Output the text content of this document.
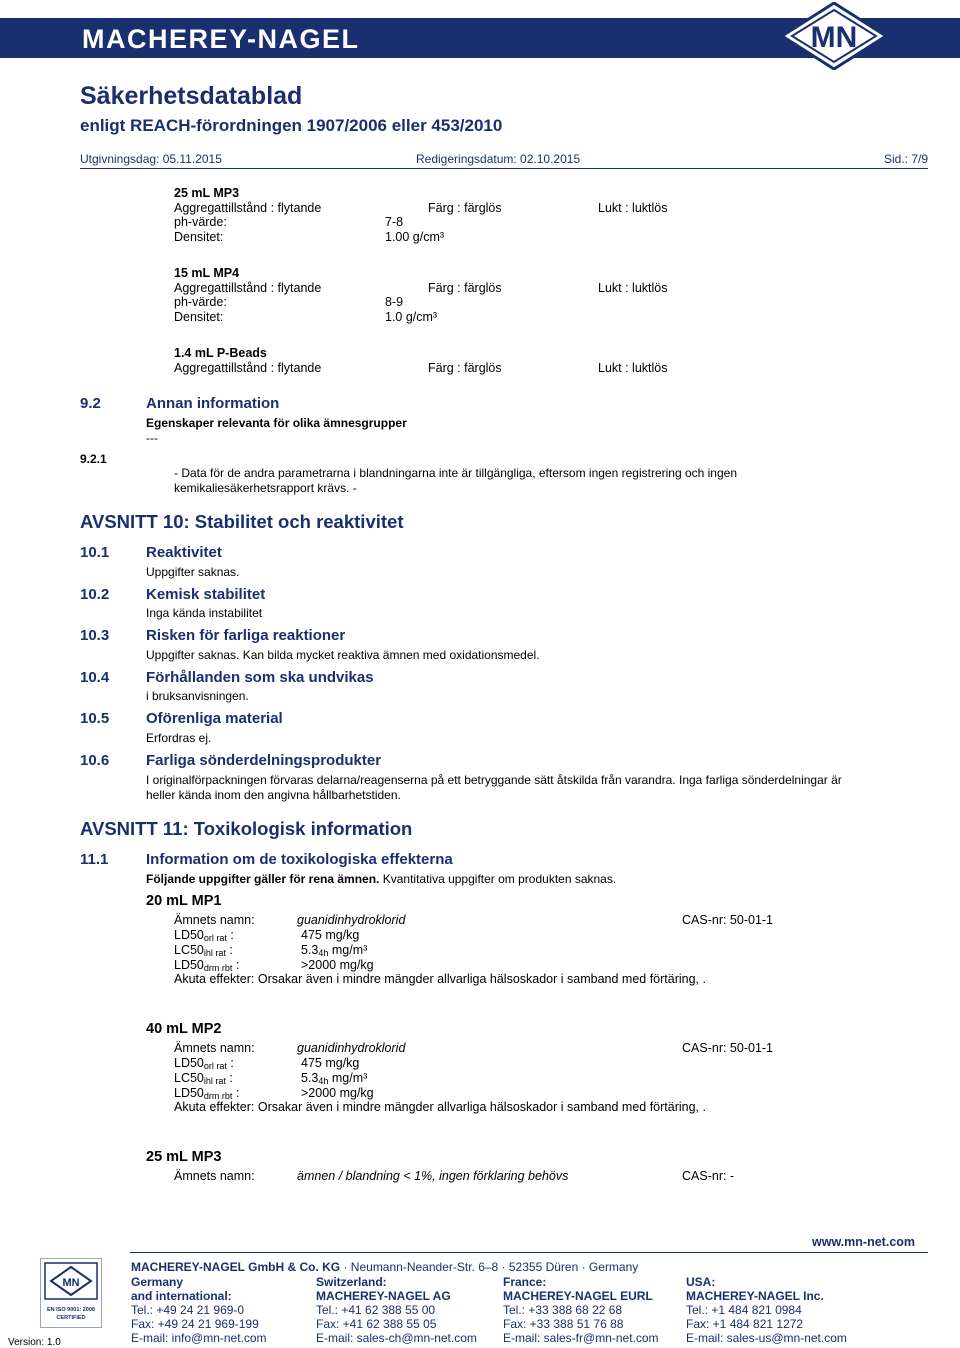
MACHEREY-NAGEL	MN
Säkerhetsdatablad
enligt REACH-förordningen 1907/2006 eller 453/2010
Utgivningsdag: 05.11.2015	Redigeringsdatum: 02.10.2015	Sid.: 7/9
25 mL MP3
Aggregattillstånd : flytande	Färg : färglös	Lukt : luktlös
ph-värde:	7-8
Densitet:	1.00 g/cm³
15 mL MP4
Aggregattillstånd : flytande	Färg : färglös	Lukt : luktlös
ph-värde:	8-9
Densitet:	1.0 g/cm³
1.4 mL P-Beads
Aggregattillstånd : flytande	Färg : färglös	Lukt : luktlös
9.2	Annan information
Egenskaper relevanta för olika ämnesgrupper
---
9.2.1
- Data för de andra parametrarna i blandningarna inte är tillgängliga, eftersom ingen registrering och ingen
kemikaliesäkerhetsrapport krävs. -
AVSNITT 10: Stabilitet och reaktivitet
10.1 Reaktivitet
Uppgifter saknas.
10.2 Kemisk stabilitet
Inga kända instabilitet
10.3 Risken för farliga reaktioner
Uppgifter saknas. Kan bilda mycket reaktiva ämnen med oxidationsmedel.
10.4 Förhållanden som ska undvikas
i bruksanvisningen.
10.5 Oförenliga material
Erfordras ej.
10.6 Farliga sönderdelningsprodukter
I originalförpackningen förvaras delarna/reagenserna på ett betryggande sätt åtskilda från varandra. Inga farliga sönderdelningar är
heller kända inom den angivna hållbarhetstiden.
AVSNITT 11: Toxikologisk information
11.1	Information om de toxikologiska effekterna
Följande uppgifter gäller för rena ämnen. Kvantitativa uppgifter om produkten saknas.
20 mL MP1
Ämnets namn:	guanidinhydroklorid	CAS-nr: 50-01-1
$LD50_{orl rat}$ :	475 mg/kg
$LC50_{ihl rat}$ :	$5.3_{4h}$ mg/m³
$LD50_{drm rbt}$ :	>2000 mg/kg
Akuta effekter: Orsakar även i mindre mängder allvarliga hälsoskador i samband med förtäring, .
40 mL MP2
Ämnets namn:	guanidinhydroklorid	CAS-nr: 50-01-1
$LD50_{orl rat}$ :	475 mg/kg
$LC50_{ihl rat}$ :	$5.3_{4h}$ mg/m³
$LD50_{drm rbt}$ :	>2000 mg/kg
Akuta effekter: Orsakar även i mindre mängder allvarliga hälsoskador i samband med förtäring, .
25 mL MP3
Ämnets namn:	ämnen / blandning < 1%, ingen förklaring behövs	CAS-nr: -
www.mn-net.com
MN
EN ISO 9001: 2008
CERTIFIED
Version: 1.0
MACHEREY-NAGEL GmbH & Co. KG · Neumann-Neander-Str. 6–8 · 52355 Düren · Germany
Germany
and international:
Tel.: +49 24 21 969-0
Fax: +49 24 21 969-199
E-mail: info@mn-net.com
Switzerland:
MACHEREY-NAGEL AG
Tel.: +41 62 388 55 00
Fax: +41 62 388 55 05
E-mail: sales-ch@mn-net.com
France:
MACHEREY-NAGEL EURL
Tel.: +33 388 68 22 68
Fax: +33 388 51 76 88
E-mail: sales-fr@mn-net.com
USA:
MACHEREY-NAGEL Inc.
Tel.: +1 484 821 0984
Fax: +1 484 821 1272
E-mail: sales-us@mn-net.com
